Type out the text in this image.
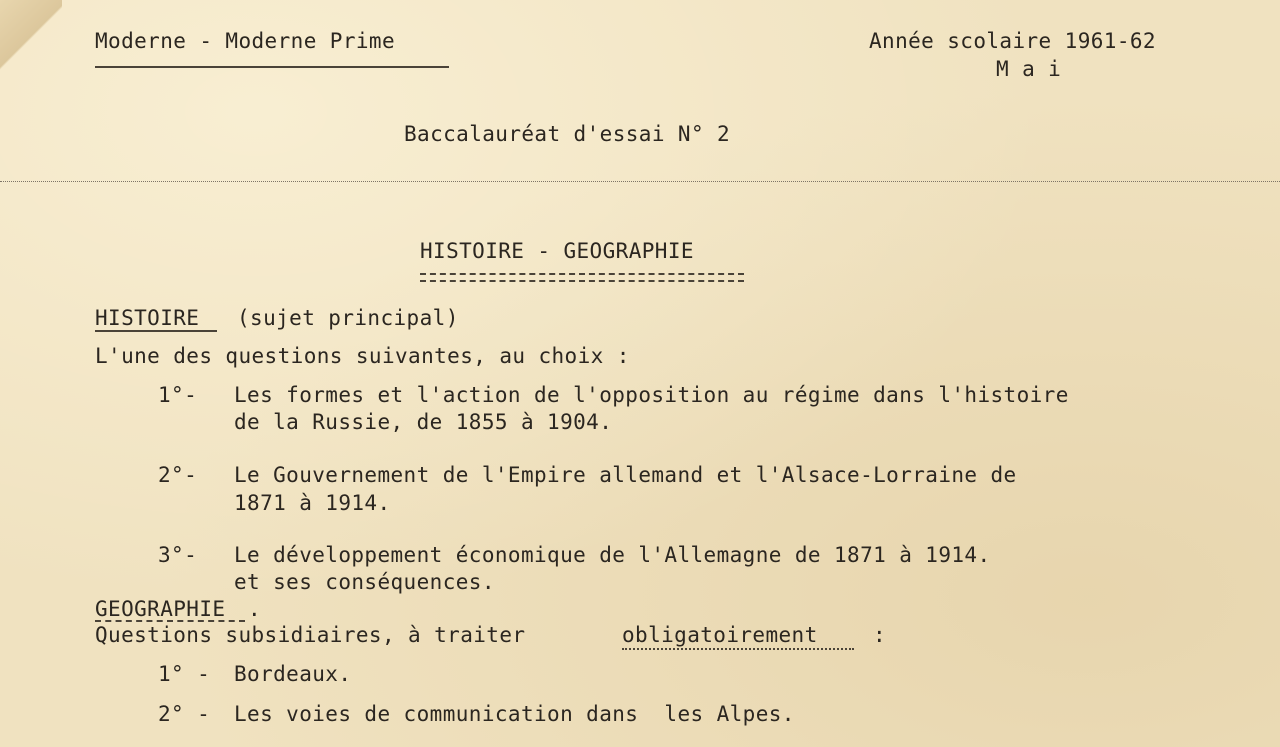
Moderne - Moderne Prime	Année scolaire 1961-62
M a i
Baccalauréat d'essai N° 2
HISTOIRE - GEOGRAPHIE
HISTOIRE (sujet principal)
L'une des questions suivantes, au choix :
1°- Les formes et l'action de l'opposition au régime dans l'histoire
de la Russie, de 1855 à 1904.
2°- Le Gouvernement de l'Empire allemand et l'Alsace-Lorraine de
1871 à 1914.
3°- Le développement économique de l'Allemagne de 1871 à 1914.
et ses conséquences.
GEOGRAPHIE .
Questions subsidiaires, à traiter	obligatoirement	:
1° - Bordeaux.
2° - Les voies de communication dans  les Alpes.
